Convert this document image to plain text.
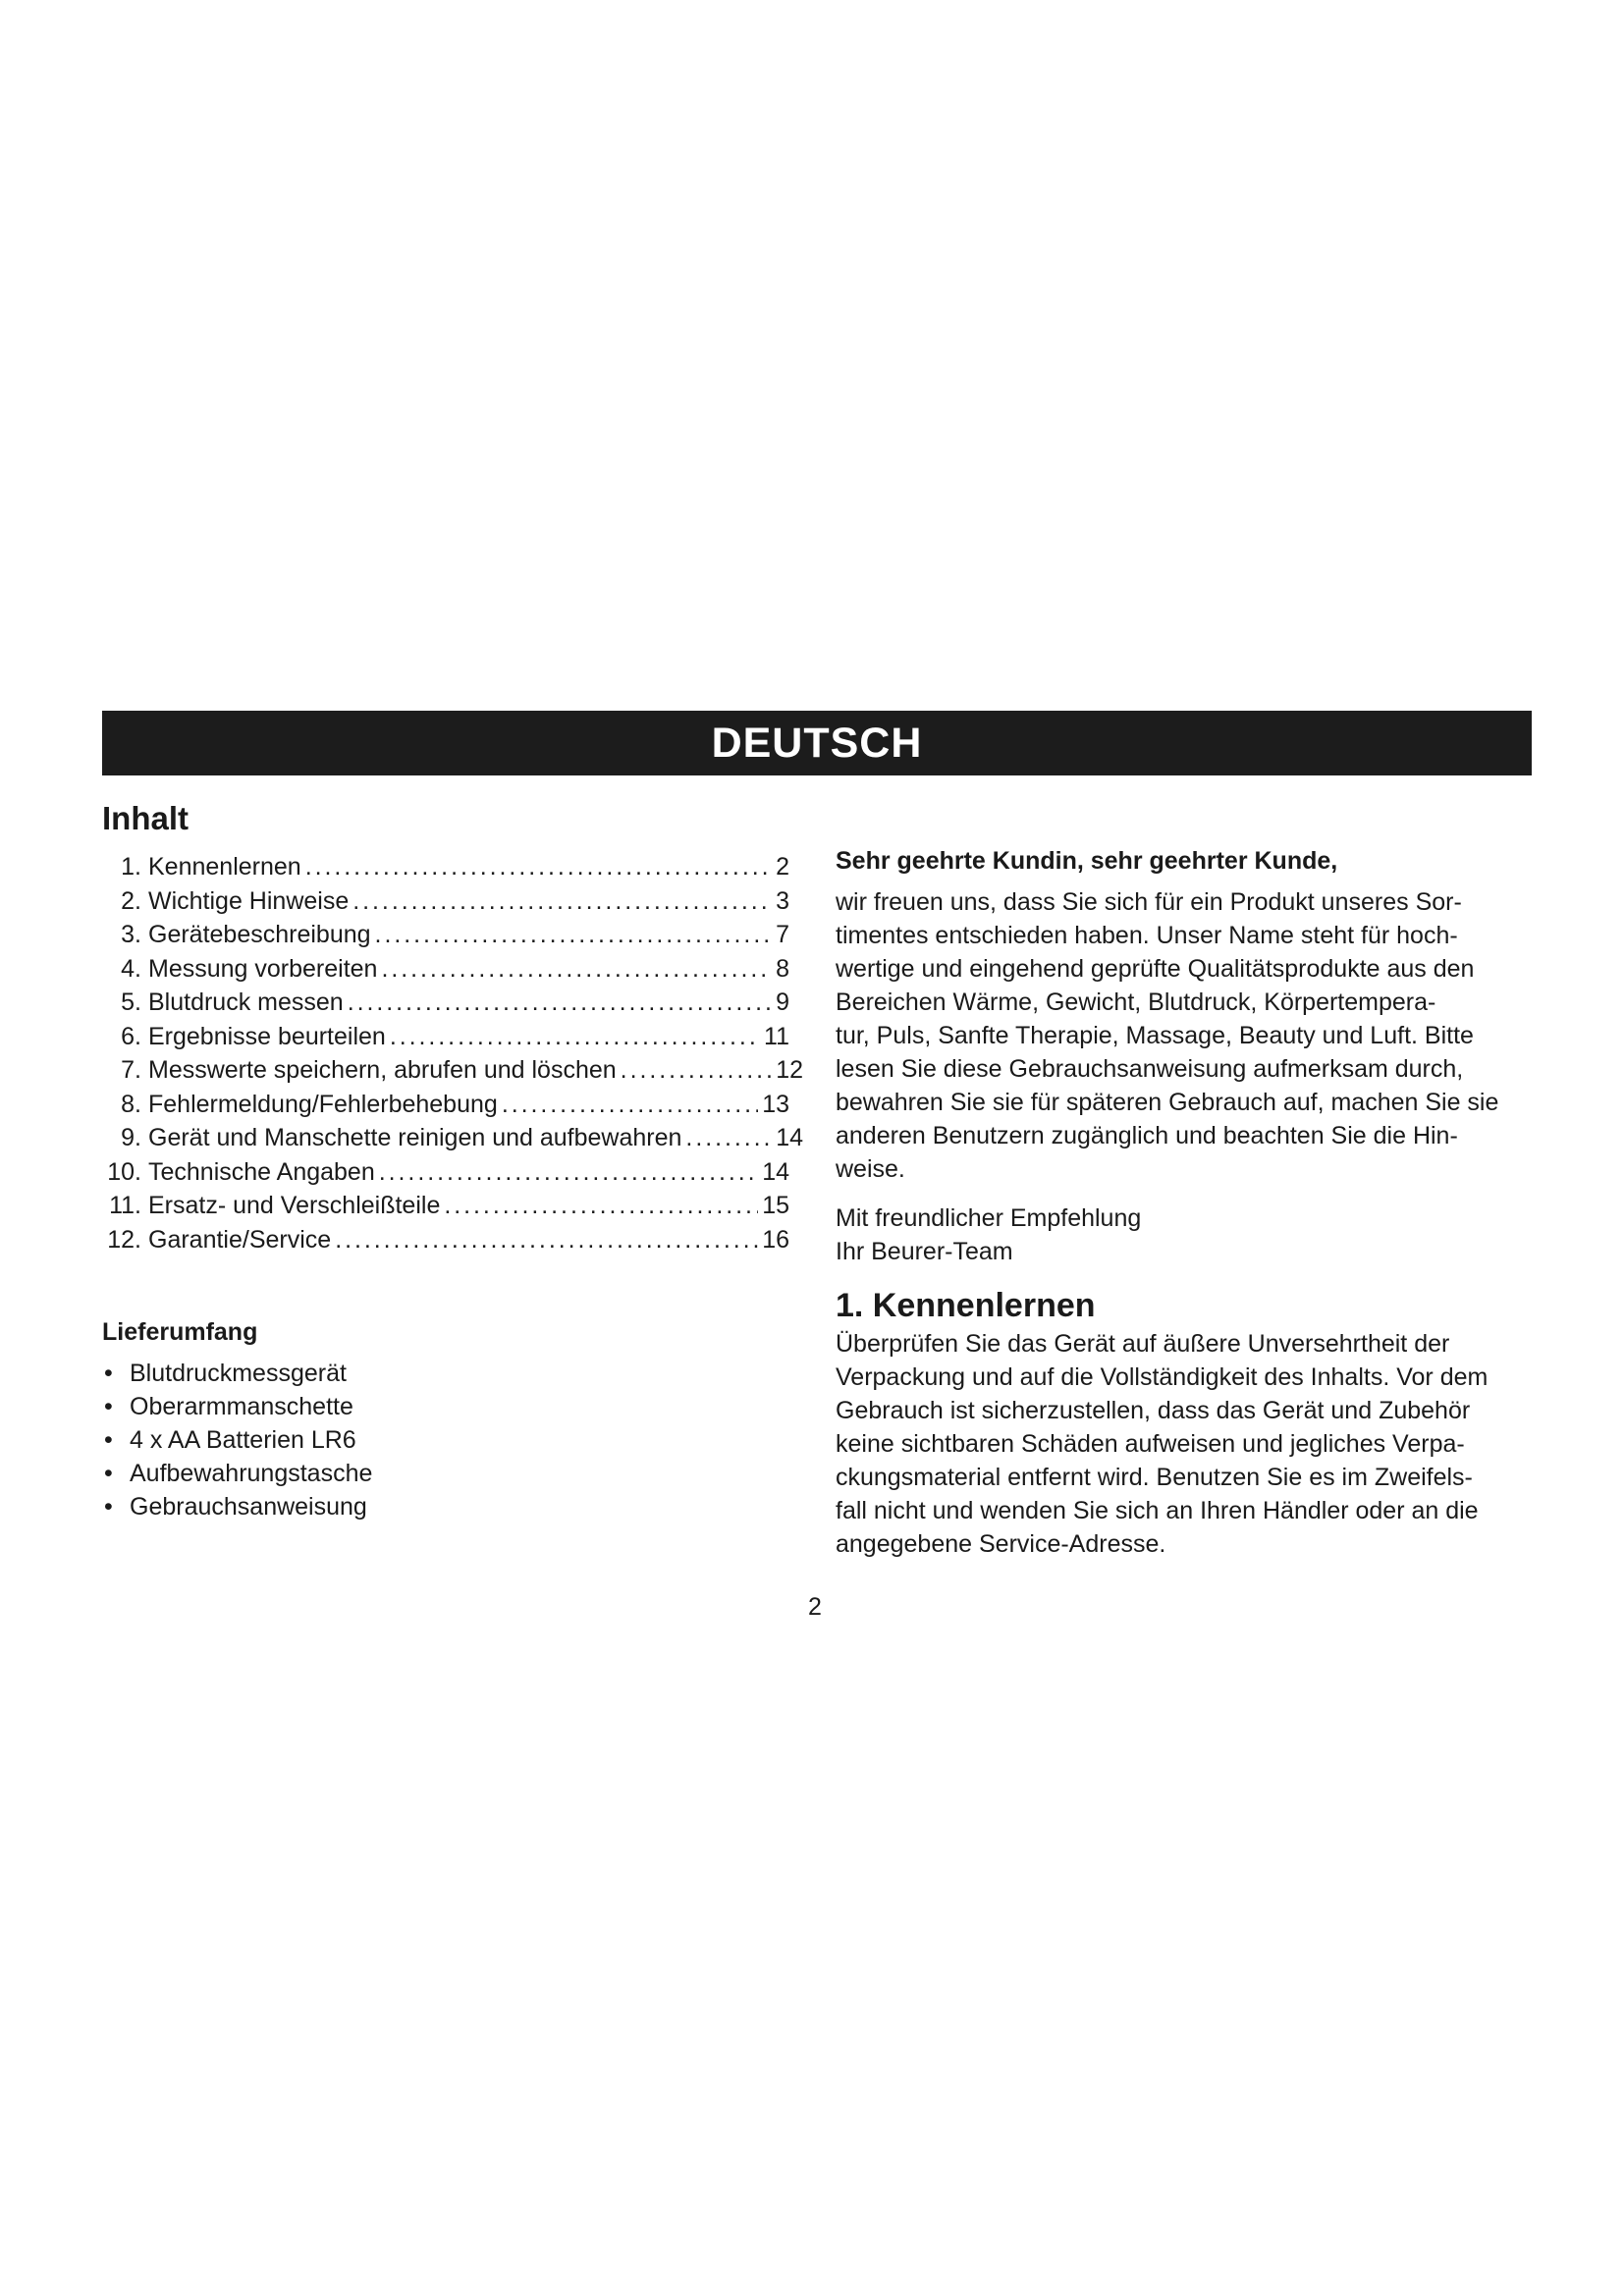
DEUTSCH
Inhalt
1. Kennenlernen . . .	2
2. Wichtige Hinweise . . .	3
3. Gerätebeschreibung . . .	7
4. Messung vorbereiten . . .	8
5. Blutdruck messen . . .	9
6. Ergebnisse beurteilen . . .	11
7. Messwerte speichern, abrufen und löschen . . .	12
8. Fehlermeldung/Fehlerbehebung . . .	13
9. Gerät und Manschette reinigen und aufbewahren . . .	14
10. Technische Angaben . . .	14
11. Ersatz- und Verschleißteile . . .	15
12. Garantie/Service . . .	16
Lieferumfang
• Blutdruckmessgerät
• Oberarmmanschette
• 4 x AA Batterien LR6
• Aufbewahrungstasche
• Gebrauchsanweisung

Sehr geehrte Kundin, sehr geehrter Kunde,

wir freuen uns, dass Sie sich für ein Produkt unseres Sor-

timentes entschieden haben. Unser Name steht für hoch-

wertige und eingehend geprüfte Qualitätsprodukte aus den

Bereichen Wärme, Gewicht, Blutdruck, Körpertempera-

tur, Puls, Sanfte Therapie, Massage, Beauty und Luft. Bitte

lesen Sie diese Gebrauchsanweisung aufmerksam durch,

bewahren Sie sie für späteren Gebrauch auf, machen Sie sie

anderen Benutzern zugänglich und beachten Sie die Hin-

weise.

Mit freundlicher Empfehlung

Ihr Beurer-Team

1. Kennenlernen

Überprüfen Sie das Gerät auf äußere Unversehrtheit der

Verpackung und auf die Vollständigkeit des Inhalts. Vor dem

Gebrauch ist sicherzustellen, dass das Gerät und Zubehör

keine sichtbaren Schäden aufweisen und jegliches Verpa-

ckungsmaterial entfernt wird. Benutzen Sie es im Zweifels-

fall nicht und wenden Sie sich an Ihren Händler oder an die

angegebene Service-Adresse.

2
